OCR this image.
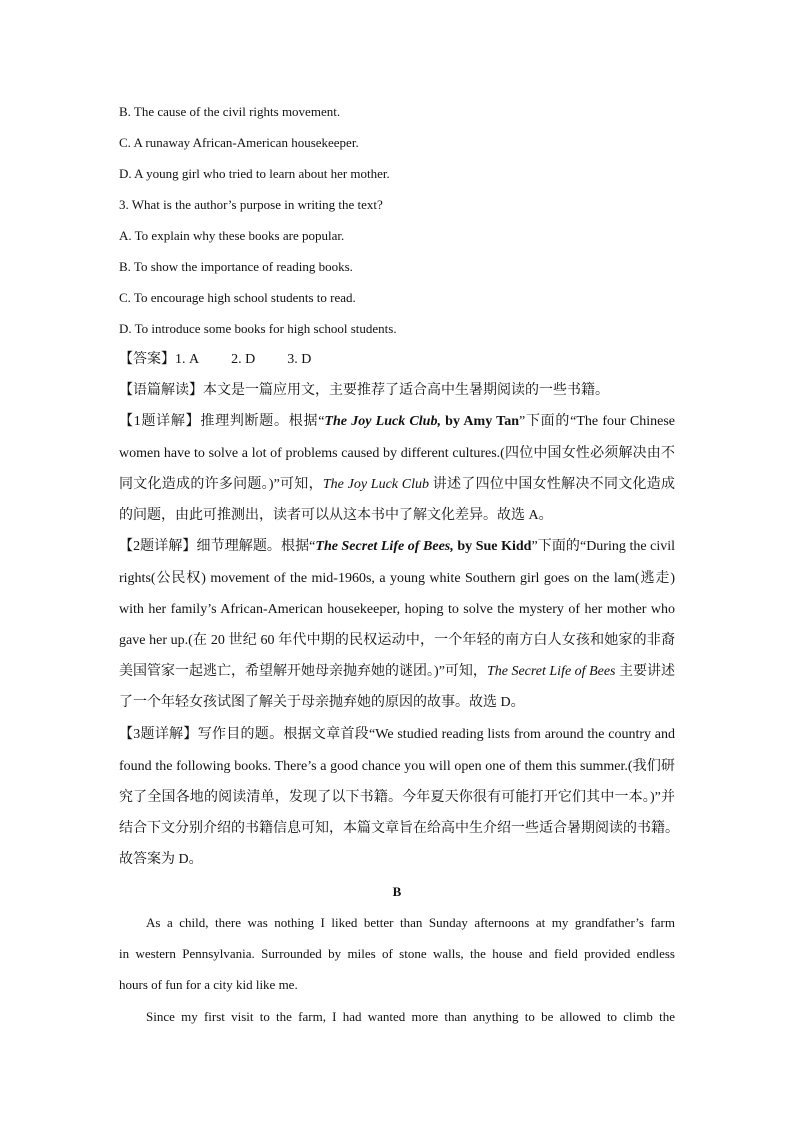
B. The cause of the civil rights movement.
C. A runaway African-American housekeeper.
D. A young girl who tried to learn about her mother.
3. What is the author’s purpose in writing the text?
A. To explain why these books are popular.
B. To show the importance of reading books.
C. To encourage high school students to read.
D. To introduce some books for high school students.
【答案】1. A 2. D 3. D
【语篇解读】本文是一篇应用文，主要推荐了适合高中生暑期阅读的一些书籍。
【1题详解】推理判断题。根据“The Joy Luck Club, by Amy Tan”下面的“The four Chinese
women have to solve a lot of problems caused by different cultures.(四位中国女性必须解决由不
同文化造成的许多问题。)”可知，The Joy Luck Club 讲述了四位中国女性解决不同文化造成
的问题，由此可推测出，读者可以从这本书中了解文化差异。故选 A。
【2题详解】细节理解题。根据“The Secret Life of Bees, by Sue Kidd”下面的“During the civil
rights(公民权) movement of the mid-1960s, a young white Southern girl goes on the lam(逃走)
with her family’s African-American housekeeper, hoping to solve the mystery of her mother who
gave her up.(在 20 世纪 60 年代中期的民权运动中，一个年轻的南方白人女孩和她家的非裔
美国管家一起逃亡，希望解开她母亲抛弃她的谜团。)”可知，The Secret Life of Bees 主要讲述
了一个年轻女孩试图了解关于母亲抛弃她的原因的故事。故选 D。
【3题详解】写作目的题。根据文章首段“We studied reading lists from around the country and
found the following books. There’s a good chance you will open one of them this summer.(我们研
究了全国各地的阅读清单，发现了以下书籍。今年夏天你很有可能打开它们其中一本。)”并
结合下文分别介绍的书籍信息可知，本篇文章旨在给高中生介绍一些适合暑期阅读的书籍。
故答案为 D。
B
As a child, there was nothing I liked better than Sunday afternoons at my grandfather’s farm
in western Pennsylvania. Surrounded by miles of stone walls, the house and field provided endless
hours of fun for a city kid like me.
Since my first visit to the farm, I had wanted more than anything to be allowed to climb the
